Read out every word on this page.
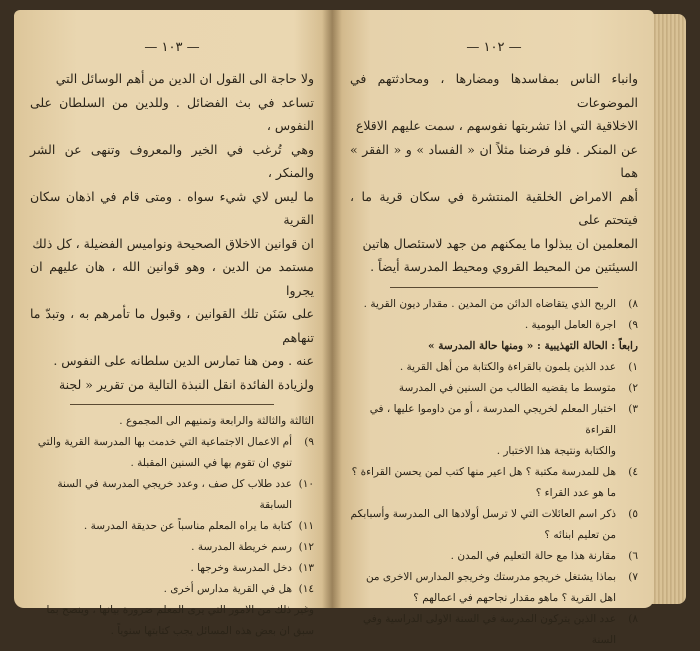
— ١٠٣ —
ولا حاجة الى القول ان الدين من أهم الوسائل التي
تساعد في بث الفضائل . وللدين من السلطان على النفوس ،
وهي تُرغب في الخير والمعروف وتنهى عن الشر والمنكر ،
ما ليس لاي شيء سواه . ومتى قام في اذهان سكان القرية
ان قوانين الاخلاق الصحيحة ونواميس الفضيلة ، كل ذلك
مستمد من الدين ، وهو قوانين الله ، هان عليهم ان يجروا
على سَنَن تلك القوانين ، وقبول ما تأمرهم به ، وتبدّ ما تنهاهم
عنه . ومن هنا تمارس الدين سلطانه على النفوس .
ولزيادة الفائدة انقل النبذة التالية من تقرير « لجنة
الثالثة والثالثة والرابعة وتمنيهم الى المجموع .
٩)
أم الاعمال الاجتماعية التي خدمت بها المدرسة القرية والتي
تنوي ان تقوم بها في السنين المقبلة .
١٠)
عدد طلاب كل صف ، وعدد خريجي المدرسة في السنة السابقة
١١)
كتابة ما يراه المعلم مناسباً عن حديقة المدرسة .
١٢)
رسم خريطة المدرسة .
١٣)
دخل المدرسة وخرجها .
١٤)
هل في القرية مدارس أخرى .
وغير ذلك من الامور التي يرى المعلم ضرورة بيانها ، وينصح بما
سبق ان بعض هذه المسائل يجب كتابتها سنوياً .
— ١٠٢ —
وانباء الناس بمفاسدها ومضارها ، ومحادثتهم في الموضوعات
الاخلاقية التي اذا تشربتها نفوسهم ، سمت عليهم الاقلاع
عن المنكر . فلو فرضنا مثلاً ان « الفساد » و « الفقر » هما
أهم الامراض الخلقية المنتشرة في سكان قرية ما ، فيتحتم على
المعلمين ان يبذلوا ما يمكنهم من جهد لاستئصال هاتين
السيئتين من المحيط القروي ومحيط المدرسة أيضاً .
٨)
الربح الذي يتقاضاه الدائن من المدين . مقدار ديون القرية .
٩)
اجرة العامل اليومية .
رابعاً : الحالة التهذيبية : « ومنها حالة المدرسة »
١)
عدد الذين يلمون بالقراءة والكتابة من أهل القرية .
٢)
متوسط ما يقضيه الطالب من السنين في المدرسة
٣)
اختبار المعلم لخريجي المدرسة ، أو من داوموا عليها ، في القراءة
والكتابة ونتيجة هذا الاختبار .
٤)
هل للمدرسة مكتبة ؟ هل اعير منها كتب لمن يحسن القراءة ؟
ما هو عدد القراء ؟
٥)
ذكر اسم العائلات التي لا ترسل أولادها الى المدرسة وأسبابكم
من تعليم ابنائه ؟
٦)
مقارنة هذا مع حالة التعليم في المدن .
٧)
بماذا يشتغل خريجو مدرستك وخريجو المدارس الاخرى من
اهل القرية ؟ ماهو مقدار نجاحهم في اعمالهم ؟
٨)
عدد الذين يتركون المدرسة في السنة الاولى الدراسية وفي السنة
